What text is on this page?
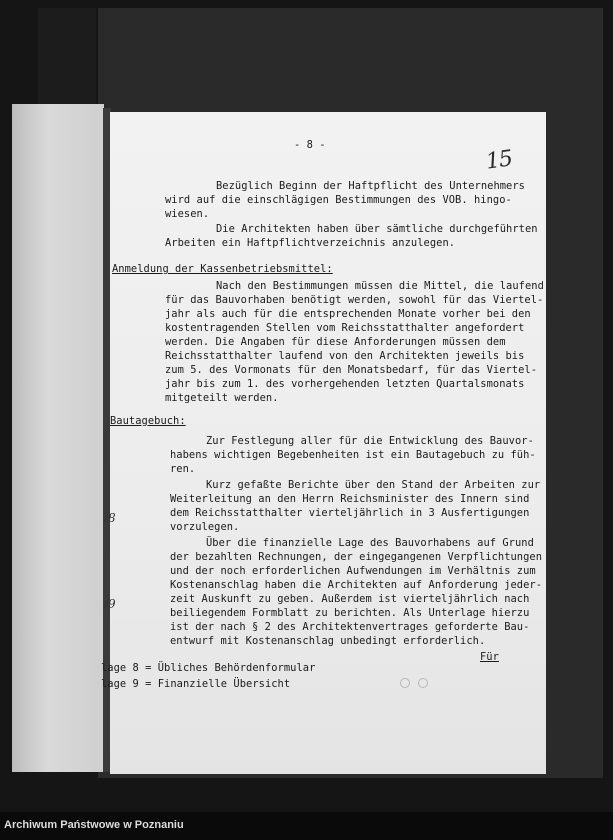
- 8 -
15
Bezüglich Beginn der Haftpflicht des Unternehmers
wird auf die einschlägigen Bestimmungen des VOB. hingo-
wiesen.
Die Architekten haben über sämtliche durchgeführten
Arbeiten ein Haftpflichtverzeichnis anzulegen.
Anmeldung der Kassenbetriebsmittel:
Nach den Bestimmungen müssen die Mittel, die laufend
für das Bauvorhaben benötigt werden, sowohl für das Viertel-
jahr als auch für die entsprechenden Monate vorher bei den
kostentragenden Stellen vom Reichsstatthalter angefordert
werden. Die Angaben für diese Anforderungen müssen dem
Reichsstatthalter laufend von den Architekten jeweils bis
zum 5. des Vormonats für den Monatsbedarf, für das Viertel-
jahr bis zum 1. des vorhergehenden letzten Quartalsmonats
mitgeteilt werden.
Bautagebuch:
Zur Festlegung aller für die Entwicklung des Bauvor-
habens wichtigen Begebenheiten ist ein Bautagebuch zu füh-
ren.
Kurz gefaßte Berichte über den Stand der Arbeiten zur
Weiterleitung an den Herrn Reichsminister des Innern sind
dem Reichsstatthalter vierteljährlich in 3 Ausfertigungen
vorzulegen.
Über die finanzielle Lage des Bauvorhabens auf Grund
der bezahlten Rechnungen, der eingegangenen Verpflichtungen
und der noch erforderlichen Aufwendungen im Verhältnis zum
Kostenanschlag haben die Architekten auf Anforderung jeder-
zeit Auskunft zu geben. Außerdem ist vierteljährlich nach
beiliegendem Formblatt zu berichten. Als Unterlage hierzu
ist der nach § 2 des Architektenvertrages geforderte Bau-
entwurf mit Kostenanschlag unbedingt erforderlich.
Für
/8
/9
lage 8 = Übliches Behördenformular
lage 9 = Finanzielle Übersicht
Archiwum Państwowe w Poznaniu
